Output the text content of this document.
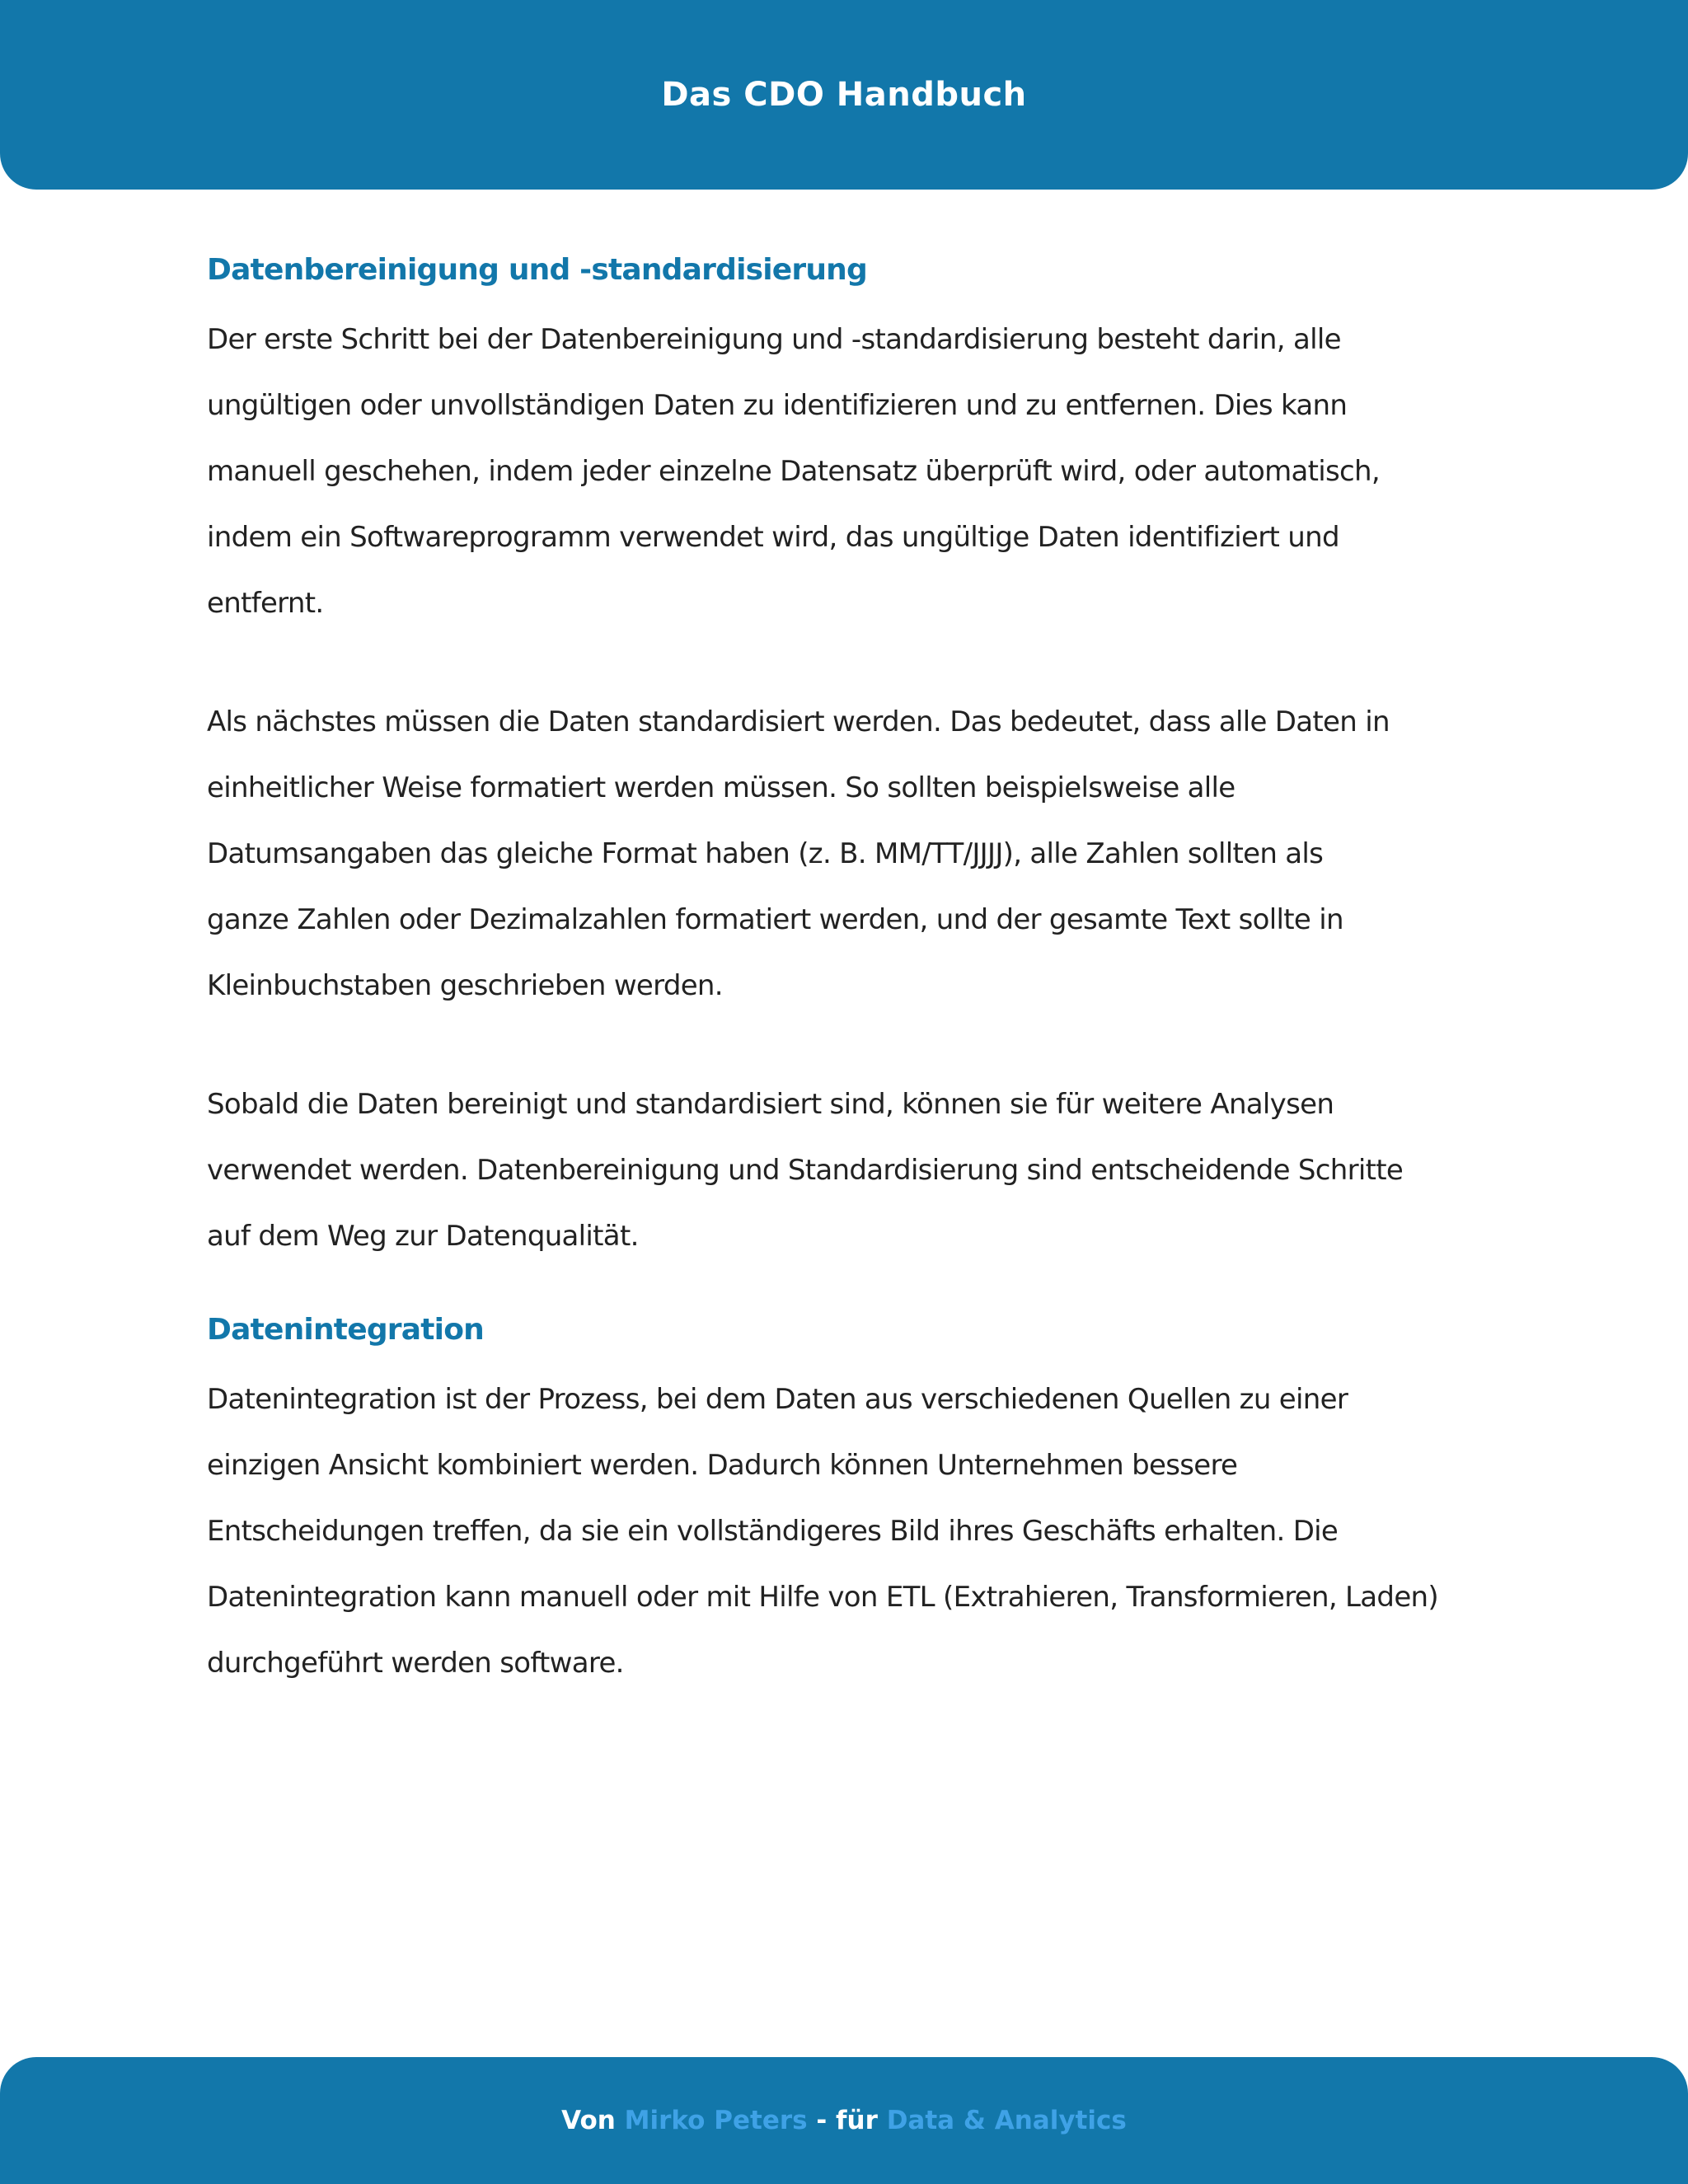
Das CDO Handbuch
Datenbereinigung und -standardisierung

Der erste Schritt bei der Datenbereinigung und -standardisierung besteht darin, alle

ungültigen oder unvollständigen Daten zu identifizieren und zu entfernen. Dies kann

manuell geschehen, indem jeder einzelne Datensatz überprüft wird, oder automatisch,

indem ein Softwareprogramm verwendet wird, das ungültige Daten identifiziert und

entfernt.

Als nächstes müssen die Daten standardisiert werden. Das bedeutet, dass alle Daten in

einheitlicher Weise formatiert werden müssen. So sollten beispielsweise alle

Datumsangaben das gleiche Format haben (z. B. MM/TT/JJJJ), alle Zahlen sollten als

ganze Zahlen oder Dezimalzahlen formatiert werden, und der gesamte Text sollte in

Kleinbuchstaben geschrieben werden.

Sobald die Daten bereinigt und standardisiert sind, können sie für weitere Analysen

verwendet werden. Datenbereinigung und Standardisierung sind entscheidende Schritte

auf dem Weg zur Datenqualität.

Datenintegration

Datenintegration ist der Prozess, bei dem Daten aus verschiedenen Quellen zu einer

einzigen Ansicht kombiniert werden. Dadurch können Unternehmen bessere

Entscheidungen treffen, da sie ein vollständigeres Bild ihres Geschäfts erhalten. Die

Datenintegration kann manuell oder mit Hilfe von ETL (Extrahieren, Transformieren, Laden)

durchgeführt werden software.

Von Mirko Peters - für Data & Analytics
